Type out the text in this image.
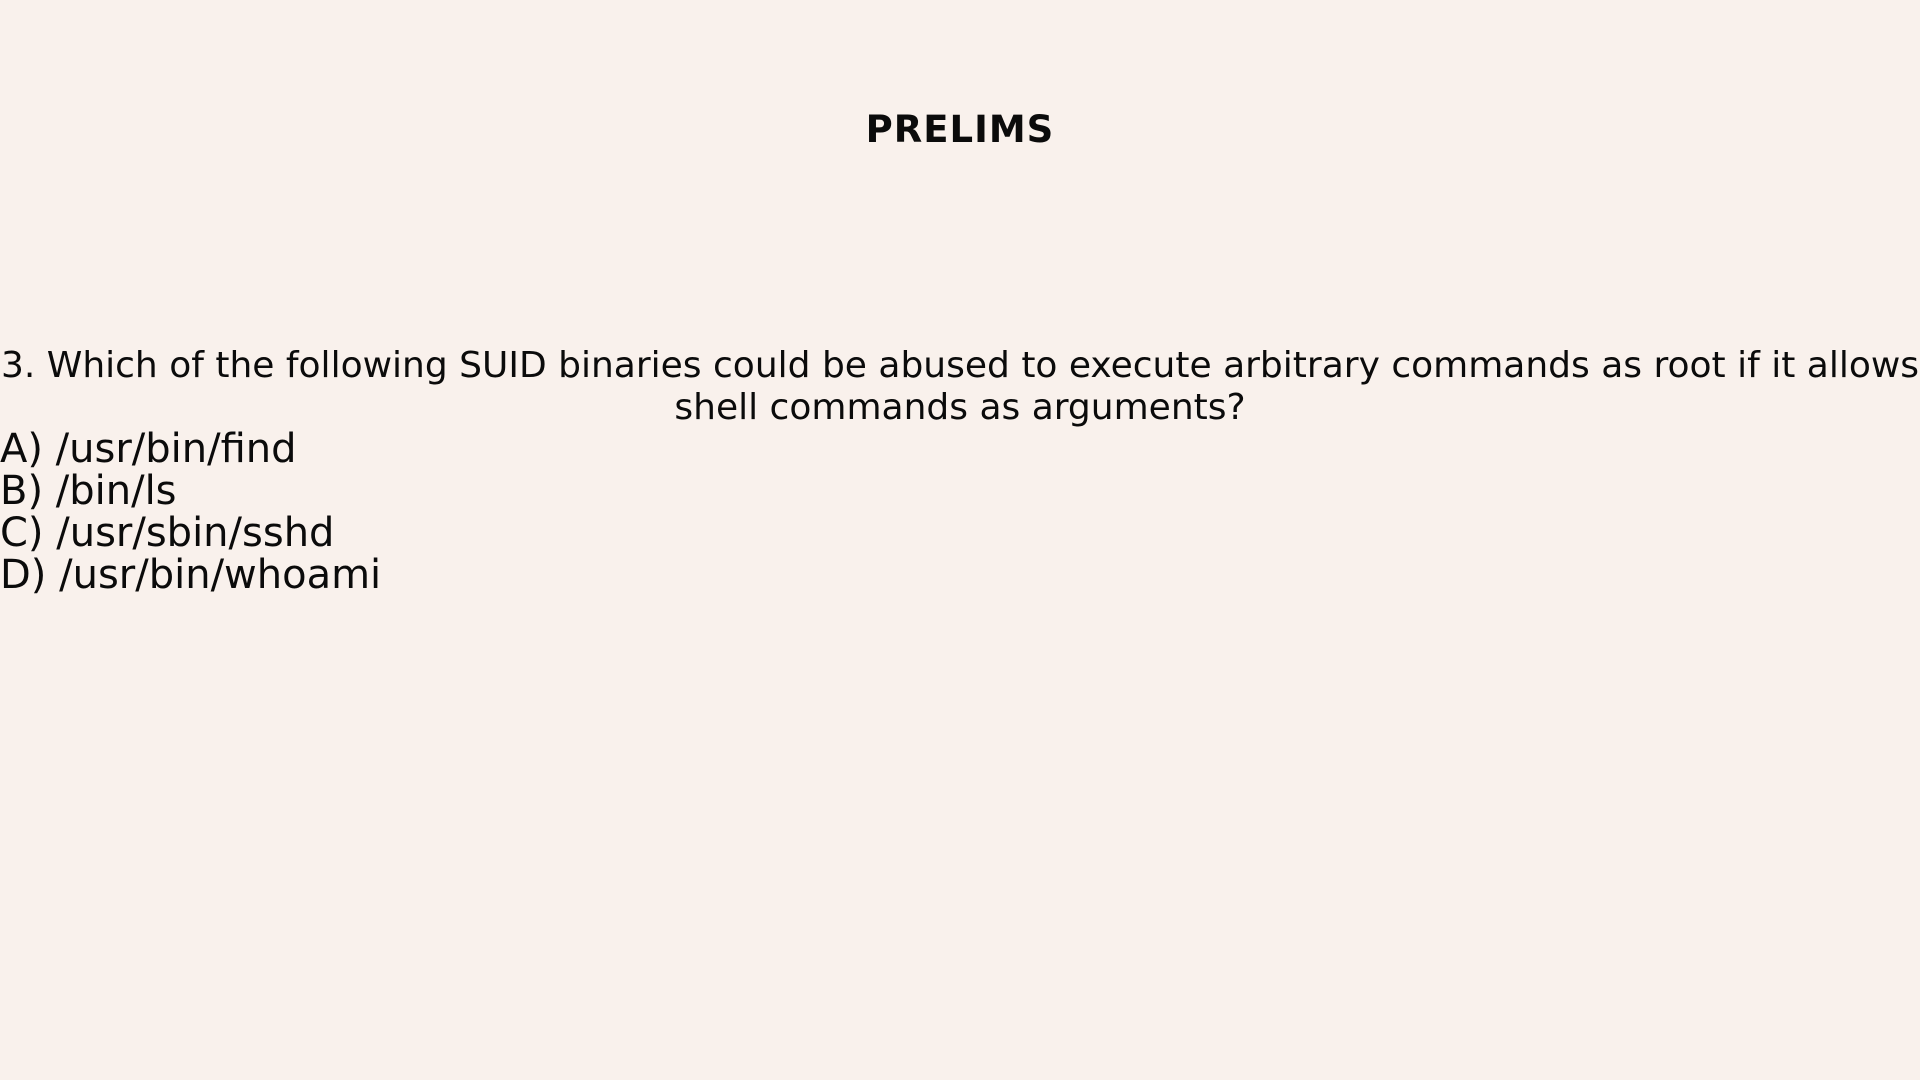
PRELIMS
3. Which of the following SUID binaries could be abused to execute arbitrary commands as root if it allows shell commands as arguments?
A) /usr/bin/find
B) /bin/ls
C) /usr/sbin/sshd
D) /usr/bin/whoami
